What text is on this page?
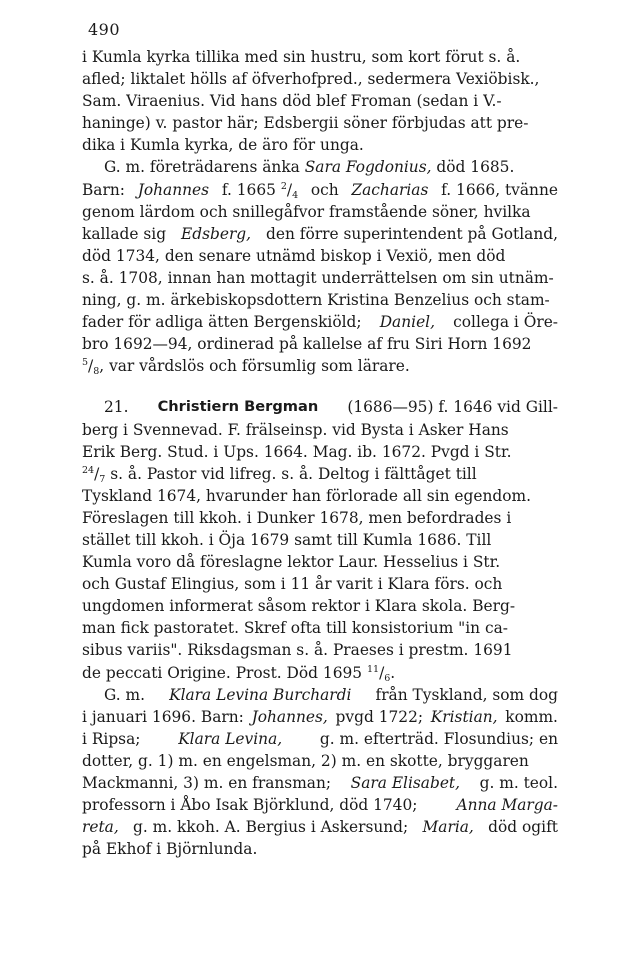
490
i Kumla kyrka tillika med sin hustru, som kort förut s. å.
afled; liktalet hölls af öfverhofpred., sedermera Vexiöbisk.,
Sam. Viraenius. Vid hans död blef Froman (sedan i V.-
haninge) v. pastor här; Edsbergii söner förbjudas att pre-
dika i Kumla kyrka, de äro för unga.
G. m. företrädarens änka Sara Fogdonius, död 1685.
Barn: Johannes f. 1665 $^2/_4$ och Zacharias f. 1666, tvänne
genom lärdom och snillegåfvor framstående söner, hvilka
kallade sig Edsberg, den förre superintendent på Gotland,
död 1734, den senare utnämd biskop i Vexiö, men död
s. å. 1708, innan han mottagit underrättelsen om sin utnäm-
ning, g. m. ärkebiskopsdottern Kristina Benzelius och stam-
fader för adliga ätten Bergenskiöld; Daniel, collega i Öre-
bro 1692—94, ordinerad på kallelse af fru Siri Horn 1692
$^5/_8$, var vårdslös och försumlig som lärare.
21. Christiern Bergman (1686—95) f. 1646 vid Gill-
berg i Svennevad. F. frälseinsp. vid Bysta i Asker Hans
Erik Berg. Stud. i Ups. 1664. Mag. ib. 1672. Pvgd i Str.
$^{24}/_7$ s. å. Pastor vid lifreg. s. å. Deltog i fälttåget till
Tyskland 1674, hvarunder han förlorade all sin egendom.
Föreslagen till kkoh. i Dunker 1678, men befordrades i
stället till kkoh. i Öja 1679 samt till Kumla 1686. Till
Kumla voro då föreslagne lektor Laur. Hesselius i Str.
och Gustaf Elingius, som i 11 år varit i Klara förs. och
ungdomen informerat såsom rektor i Klara skola. Berg-
man fick pastoratet. Skref ofta till konsistorium "in ca-
sibus variis". Riksdagsman s. å. Praeses i prestm. 1691
de peccati Origine. Prost. Död 1695 $^{11}/_6$.
G. m. Klara Levina Burchardi från Tyskland, som dog
i januari 1696. Barn: Johannes, pvgd 1722; Kristian, komm.
i Ripsa; Klara Levina, g. m. efterträd. Flosundius; en
dotter, g. 1) m. en engelsman, 2) m. en skotte, bryggaren
Mackmanni, 3) m. en fransman; Sara Elisabet, g. m. teol.
professorn i Åbo Isak Björklund, död 1740;	Anna Marga-
reta, g. m. kkoh. A. Bergius i Askersund; Maria, död ogift
på Ekhof i Björnlunda.
